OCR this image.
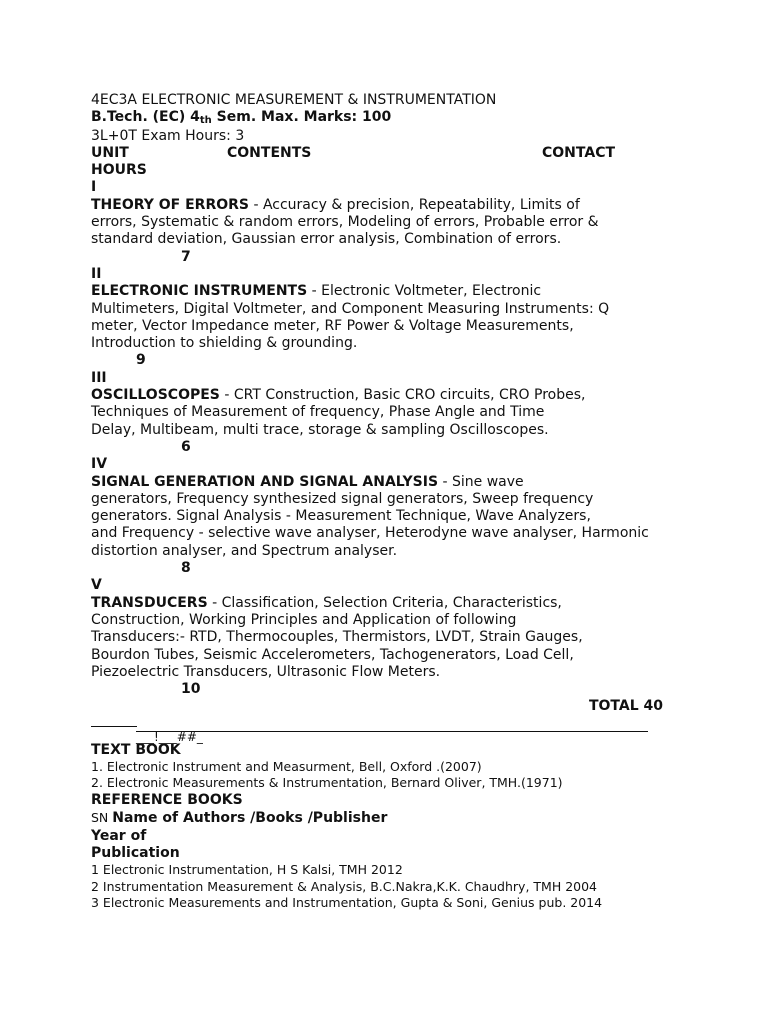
4EC3A ELECTRONIC MEASUREMENT & INSTRUMENTATION
B.Tech. (EC) 4th Sem. Max. Marks: 100
3L+0T Exam Hours: 3
UNIT	CONTENTS	CONTACT
HOURS
I
THEORY OF ERRORS - Accuracy & precision, Repeatability, Limits of
errors, Systematic & random errors, Modeling of errors, Probable error &
standard deviation, Gaussian error analysis, Combination of errors.
7
II
ELECTRONIC INSTRUMENTS - Electronic Voltmeter, Electronic
Multimeters, Digital Voltmeter, and Component Measuring Instruments: Q
meter, Vector Impedance meter, RF Power & Voltage Measurements,
Introduction to shielding & grounding.
9
III
OSCILLOSCOPES - CRT Construction, Basic CRO circuits, CRO Probes,
Techniques of Measurement of frequency, Phase Angle and Time
Delay, Multibeam, multi trace, storage & sampling Oscilloscopes.
6
IV
SIGNAL GENERATION AND SIGNAL ANALYSIS - Sine wave
generators, Frequency synthesized signal generators, Sweep frequency
generators. Signal Analysis - Measurement Technique, Wave Analyzers,
and Frequency - selective wave analyser, Heterodyne wave analyser, Harmonic
distortion analyser, and Spectrum analyser.
8
V
TRANSDUCERS - Classification, Selection Criteria, Characteristics,
Construction, Working Principles and Application of following
Transducers:- RTD, Thermocouples, Thermistors, LVDT, Strain Gauges,
Bourdon Tubes, Seismic Accelerometers, Tachogenerators, Load Cell,
Piezoelectric Transducers, Ultrasonic Flow Meters.
10
TOTAL 40
___!___##_
TEXT BOOK
1. Electronic Instrument and Measurment, Bell, Oxford .(2007)
2. Electronic Measurements & Instrumentation, Bernard Oliver, TMH.(1971)
REFERENCE BOOKS
SN Name of Authors /Books /Publisher
Year of
Publication
1 Electronic Instrumentation, H S Kalsi, TMH 2012
2 Instrumentation Measurement & Analysis, B.C.Nakra,K.K. Chaudhry, TMH 2004
3 Electronic Measurements and Instrumentation, Gupta & Soni, Genius pub. 2014
